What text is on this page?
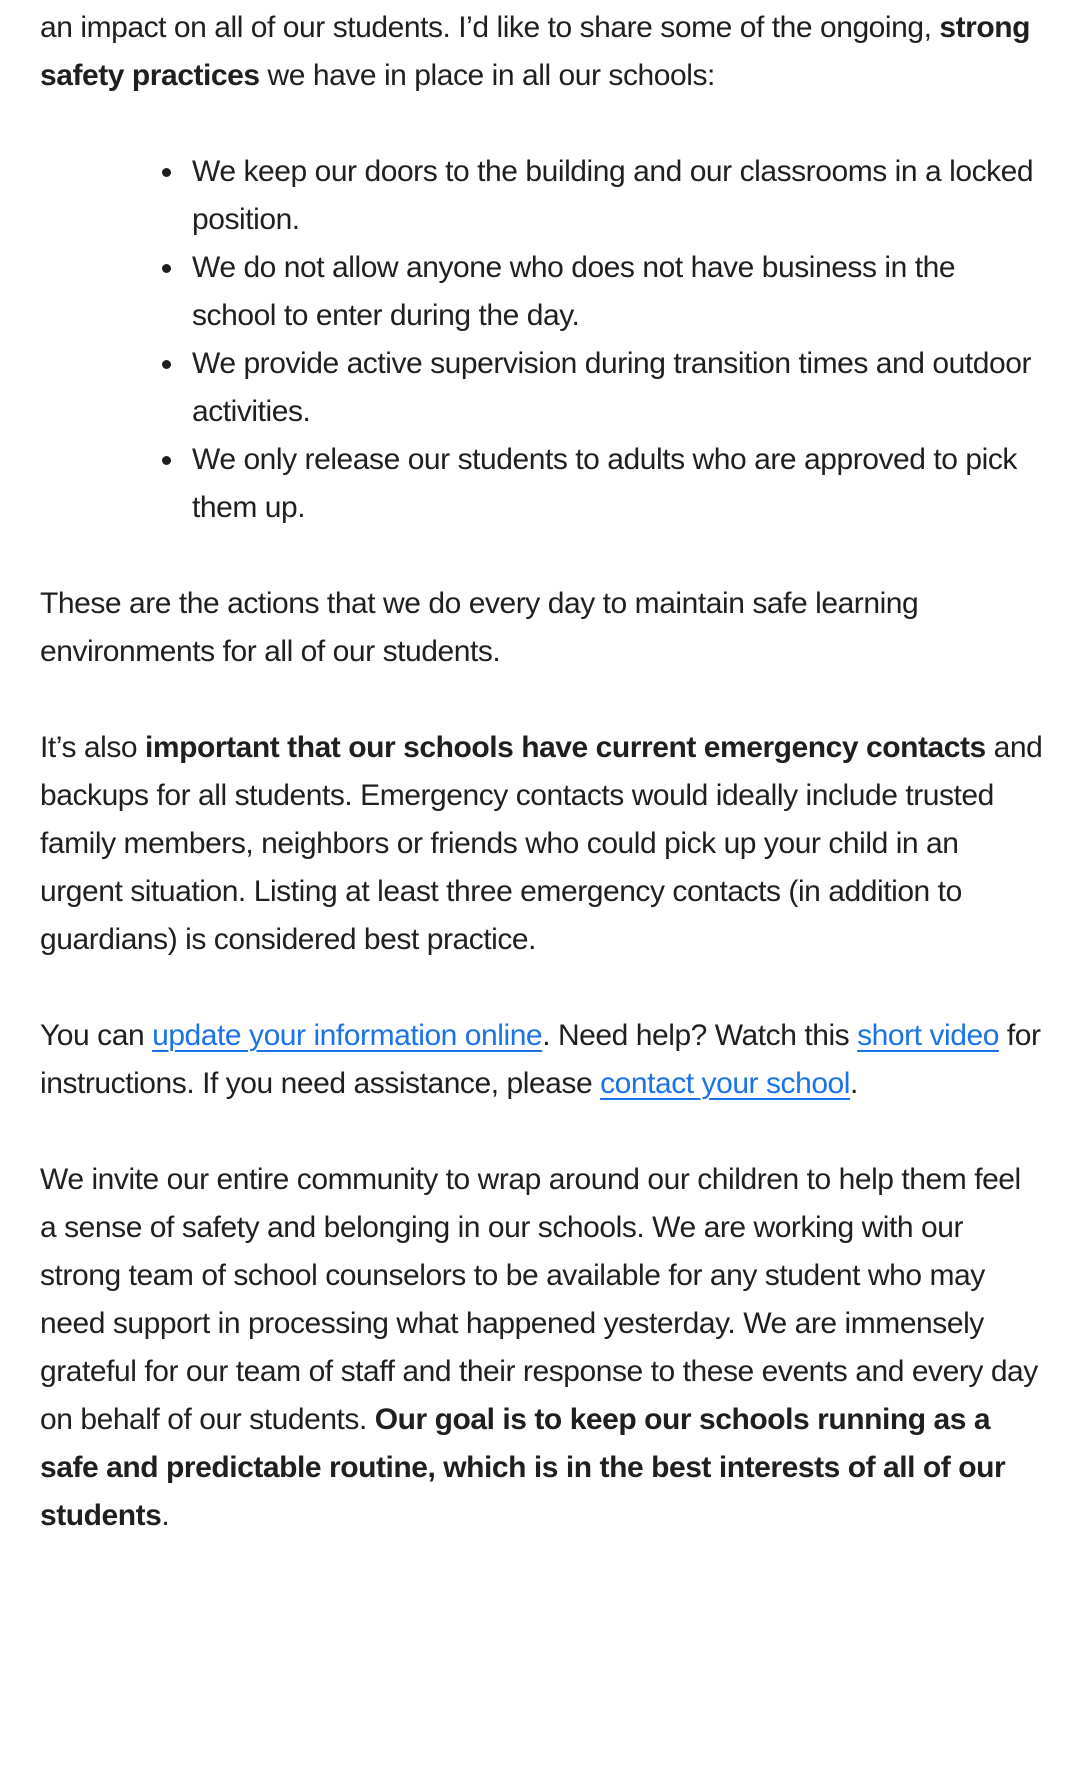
an impact on all of our students. I’d like to share some of the ongoing, strong safety practices we have in place in all our schools:

• We keep our doors to the building and our classrooms in a locked position.
• We do not allow anyone who does not have business in the school to enter during the day.
• We provide active supervision during transition times and outdoor activities.
• We only release our students to adults who are approved to pick them up.

These are the actions that we do every day to maintain safe learning environments for all of our students.

It’s also important that our schools have current emergency contacts and backups for all students. Emergency contacts would ideally include trusted family members, neighbors or friends who could pick up your child in an urgent situation. Listing at least three emergency contacts (in addition to guardians) is considered best practice.

You can update your information online. Need help? Watch this short video for instructions. If you need assistance, please contact your school.

We invite our entire community to wrap around our children to help them feel a sense of safety and belonging in our schools. We are working with our strong team of school counselors to be available for any student who may need support in processing what happened yesterday. We are immensely grateful for our team of staff and their response to these events and every day on behalf of our students. Our goal is to keep our schools running as a safe and predictable routine, which is in the best interests of all of our students.
